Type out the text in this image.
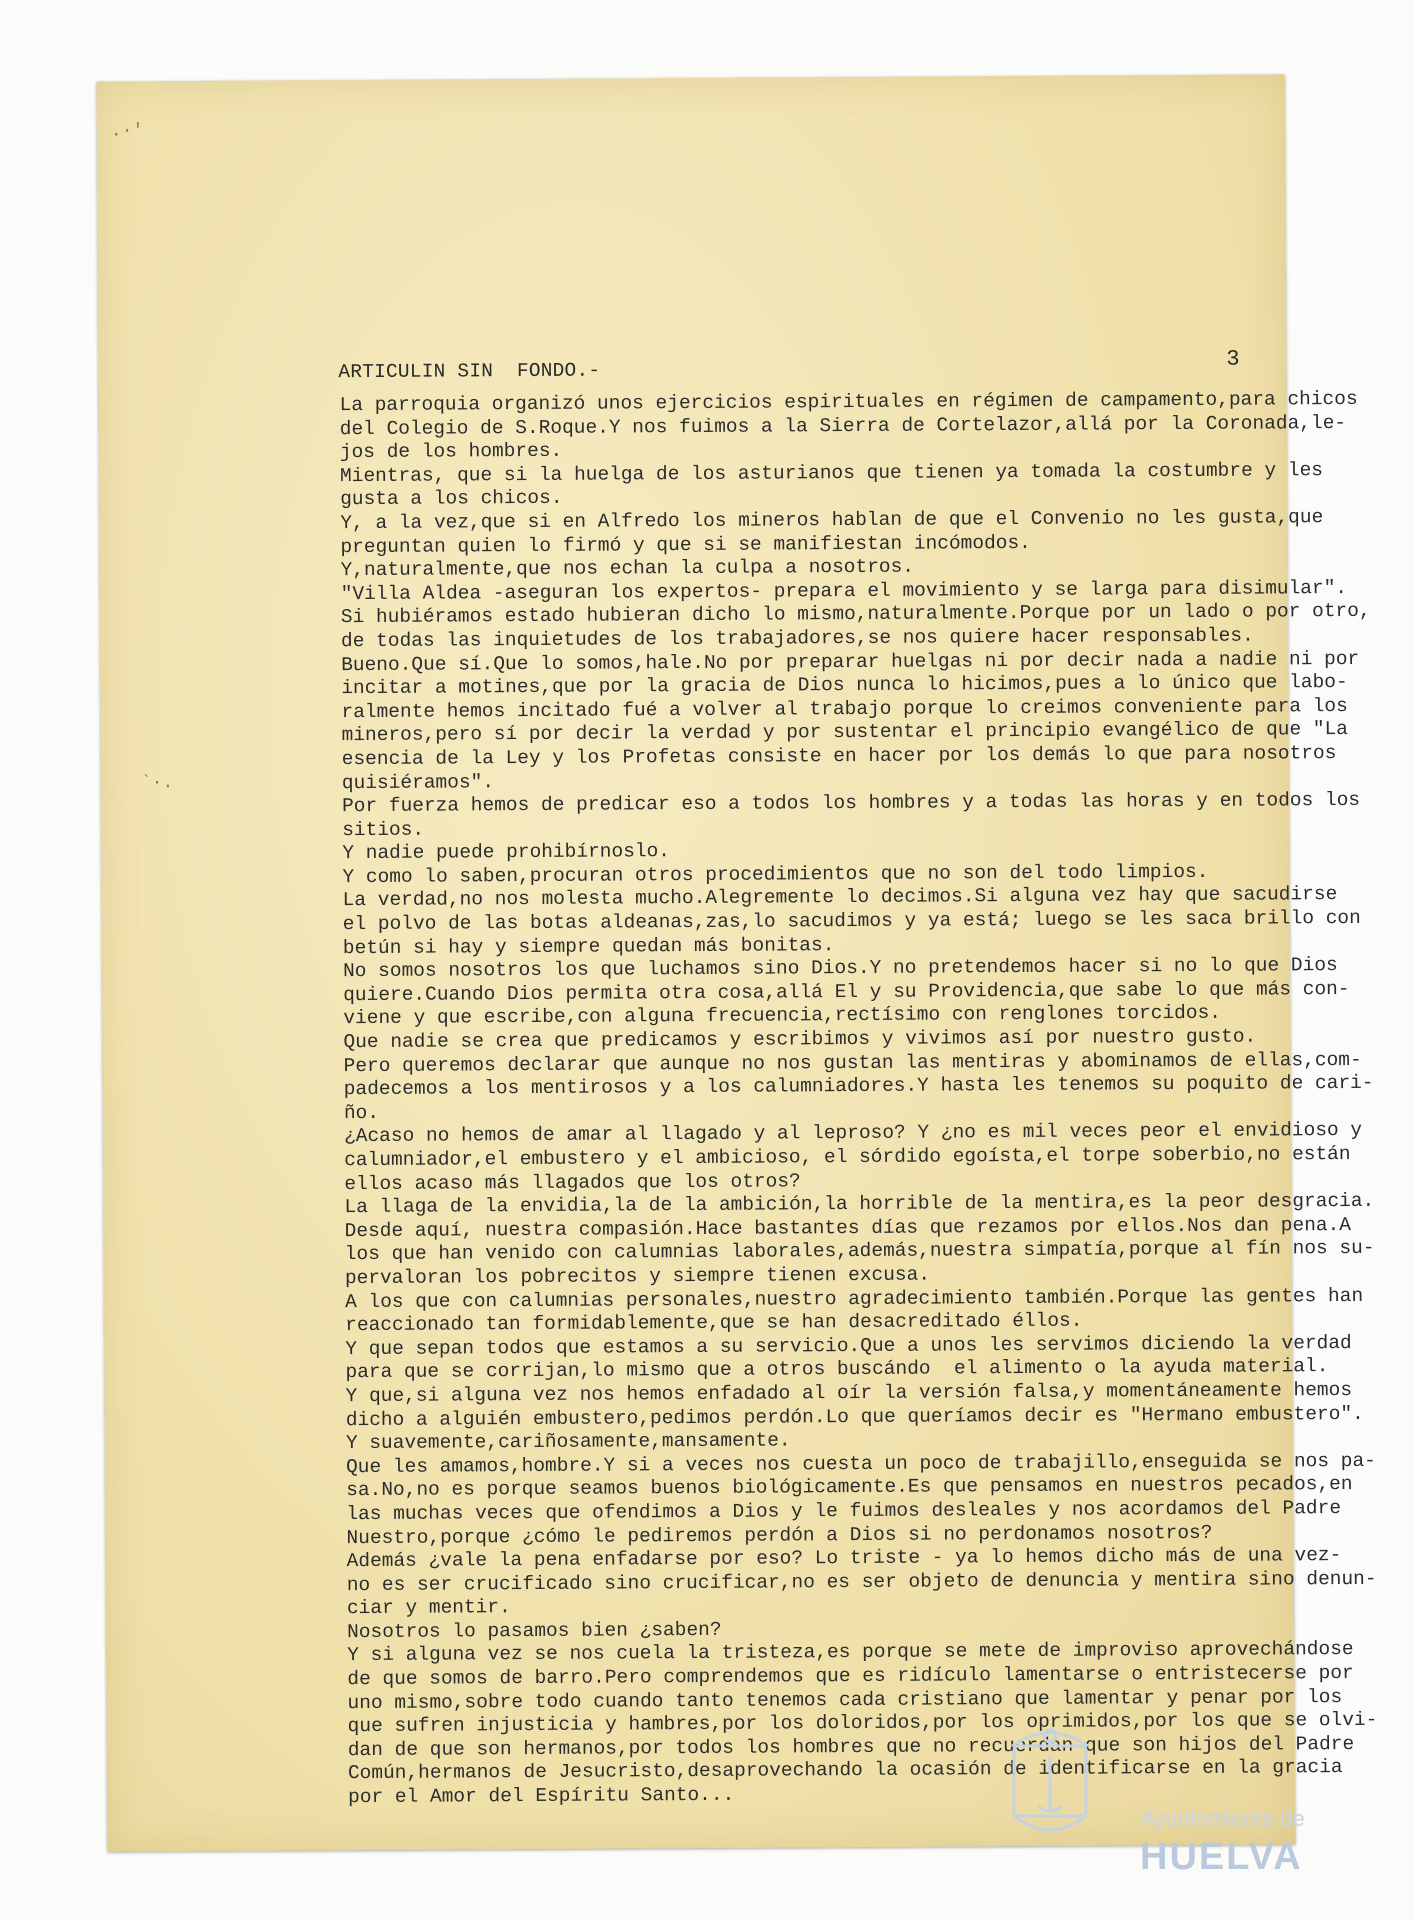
3
ARTICULIN SIN  FONDO.-
La parroquia organizó unos ejercicios espirituales en régimen de campamento,para chicos
del Colegio de S.Roque.Y nos fuimos a la Sierra de Cortelazor,allá por la Coronada,le-
jos de los hombres.
Mientras, que si la huelga de los asturianos que tienen ya tomada la costumbre y les
gusta a los chicos.
Y, a la vez,que si en Alfredo los mineros hablan de que el Convenio no les gusta,que
preguntan quien lo firmó y que si se manifiestan incómodos.
Y,naturalmente,que nos echan la culpa a nosotros.
"Villa Aldea -aseguran los expertos- prepara el movimiento y se larga para disimular".
Si hubiéramos estado hubieran dicho lo mismo,naturalmente.Porque por un lado o por otro,
de todas las inquietudes de los trabajadores,se nos quiere hacer responsables.
Bueno.Que sí.Que lo somos,hale.No por preparar huelgas ni por decir nada a nadie ni por
incitar a motines,que por la gracia de Dios nunca lo hicimos,pues a lo único que labo-
ralmente hemos incitado fué a volver al trabajo porque lo creimos conveniente para los
mineros,pero sí por decir la verdad y por sustentar el principio evangélico de que "La
esencia de la Ley y los Profetas consiste en hacer por los demás lo que para nosotros
quisiéramos".
Por fuerza hemos de predicar eso a todos los hombres y a todas las horas y en todos los
sitios.
Y nadie puede prohibírnoslo.
Y como lo saben,procuran otros procedimientos que no son del todo limpios.
La verdad,no nos molesta mucho.Alegremente lo decimos.Si alguna vez hay que sacudirse
el polvo de las botas aldeanas,zas,lo sacudimos y ya está; luego se les saca brillo con
betún si hay y siempre quedan más bonitas.
No somos nosotros los que luchamos sino Dios.Y no pretendemos hacer si no lo que Dios
quiere.Cuando Dios permita otra cosa,allá El y su Providencia,que sabe lo que más con-
viene y que escribe,con alguna frecuencia,rectísimo con renglones torcidos.
Que nadie se crea que predicamos y escribimos y vivimos así por nuestro gusto.
Pero queremos declarar que aunque no nos gustan las mentiras y abominamos de ellas,com-
padecemos a los mentirosos y a los calumniadores.Y hasta les tenemos su poquito de cari-
ño.
¿Acaso no hemos de amar al llagado y al leproso? Y ¿no es mil veces peor el envidioso y
calumniador,el embustero y el ambicioso, el sórdido egoísta,el torpe soberbio,no están
ellos acaso más llagados que los otros?
La llaga de la envidia,la de la ambición,la horrible de la mentira,es la peor desgracia.
Desde aquí, nuestra compasión.Hace bastantes días que rezamos por ellos.Nos dan pena.A
los que han venido con calumnias laborales,además,nuestra simpatía,porque al fín nos su-
pervaloran los pobrecitos y siempre tienen excusa.
A los que con calumnias personales,nuestro agradecimiento también.Porque las gentes han
reaccionado tan formidablemente,que se han desacreditado éllos.
Y que sepan todos que estamos a su servicio.Que a unos les servimos diciendo la verdad
para que se corrijan,lo mismo que a otros buscándo  el alimento o la ayuda material.
Y que,si alguna vez nos hemos enfadado al oír la versión falsa,y momentáneamente hemos
dicho a alguién embustero,pedimos perdón.Lo que queríamos decir es "Hermano embustero".
Y suavemente,cariñosamente,mansamente.
Que les amamos,hombre.Y si a veces nos cuesta un poco de trabajillo,enseguida se nos pa-
sa.No,no es porque seamos buenos biológicamente.Es que pensamos en nuestros pecados,en
las muchas veces que ofendimos a Dios y le fuimos desleales y nos acordamos del Padre
Nuestro,porque ¿cómo le pediremos perdón a Dios si no perdonamos nosotros?
Además ¿vale la pena enfadarse por eso? Lo triste - ya lo hemos dicho más de una vez-
no es ser crucificado sino crucificar,no es ser objeto de denuncia y mentira sino denun-
ciar y mentir.
Nosotros lo pasamos bien ¿saben?
Y si alguna vez se nos cuela la tristeza,es porque se mete de improviso aprovechándose
de que somos de barro.Pero comprendemos que es ridículo lamentarse o entristecerse por
uno mismo,sobre todo cuando tanto tenemos cada cristiano que lamentar y penar por los
que sufren injusticia y hambres,por los doloridos,por los oprimidos,por los que se olvi-
dan de que son hermanos,por todos los hombres que no recuerdan que son hijos del Padre
Común,hermanos de Jesucristo,desaprovechando la ocasión de identificarse en la gracia
por el Amor del Espíritu Santo...
.·'
`·.
Ayuntamiento de
HUELVA
